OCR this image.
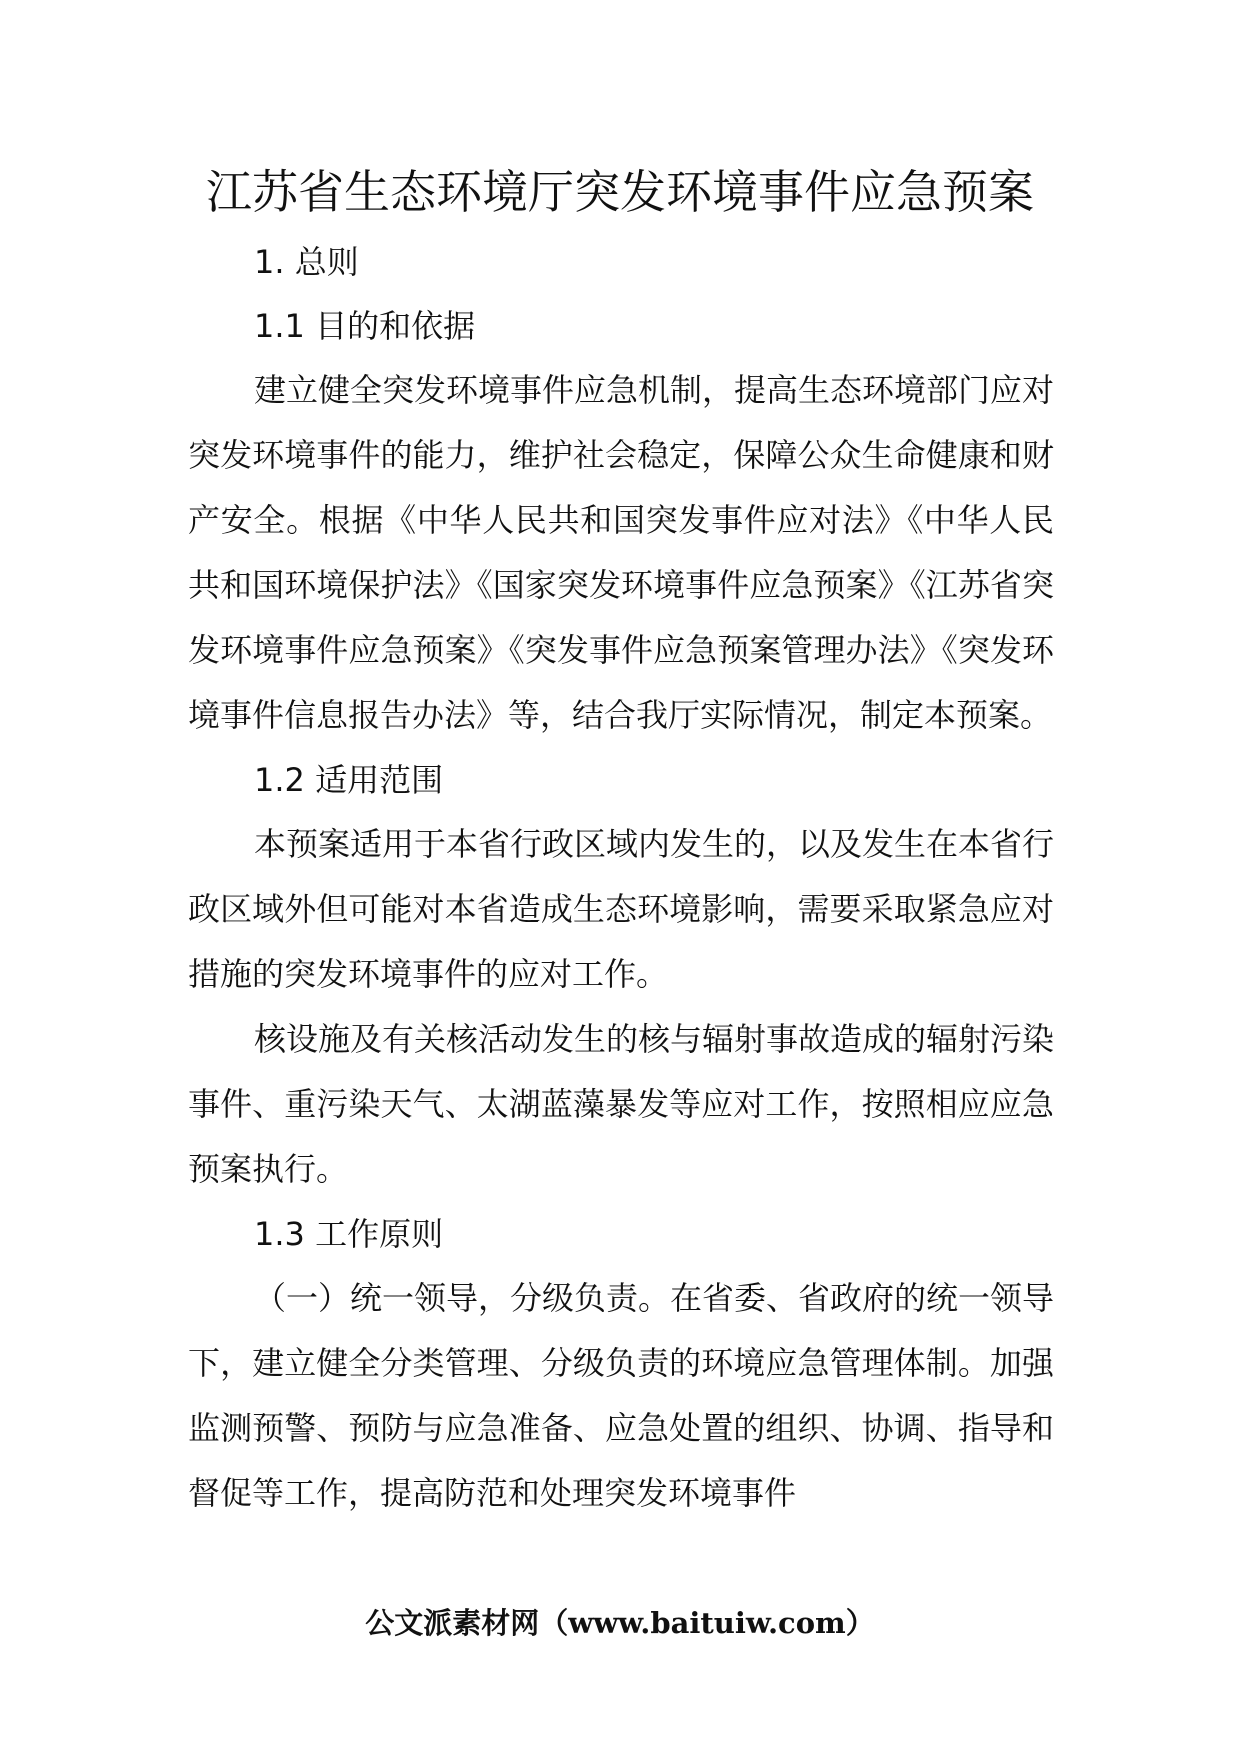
江苏省生态环境厅突发环境事件应急预案
1. 总则
1.1 目的和依据

建立健全突发环境事件应急机制，提高生态环境部门应对突发环境事件的能力，维护社会稳定，保障公众生命健康和财产安全。根据《中华人民共和国突发事件应对法》《中华人民共和国环境保护法》《国家突发环境事件应急预案》《江苏省突发环境事件应急预案》《突发事件应急预案管理办法》《突发环境事件信息报告办法》等，结合我厅实际情况，制定本预案。

1.2 适用范围

本预案适用于本省行政区域内发生的，以及发生在本省行政区域外但可能对本省造成生态环境影响，需要采取紧急应对措施的突发环境事件的应对工作。

核设施及有关核活动发生的核与辐射事故造成的辐射污染事件、重污染天气、太湖蓝藻暴发等应对工作，按照相应应急预案执行。

1.3 工作原则

（一）统一领导，分级负责。在省委、省政府的统一领导下，建立健全分类管理、分级负责的环境应急管理体制。加强监测预警、预防与应急准备、应急处置的组织、协调、指导和督促等工作，提高防范和处理突发环境事件

公文派素材网（www.baituiw.com）
